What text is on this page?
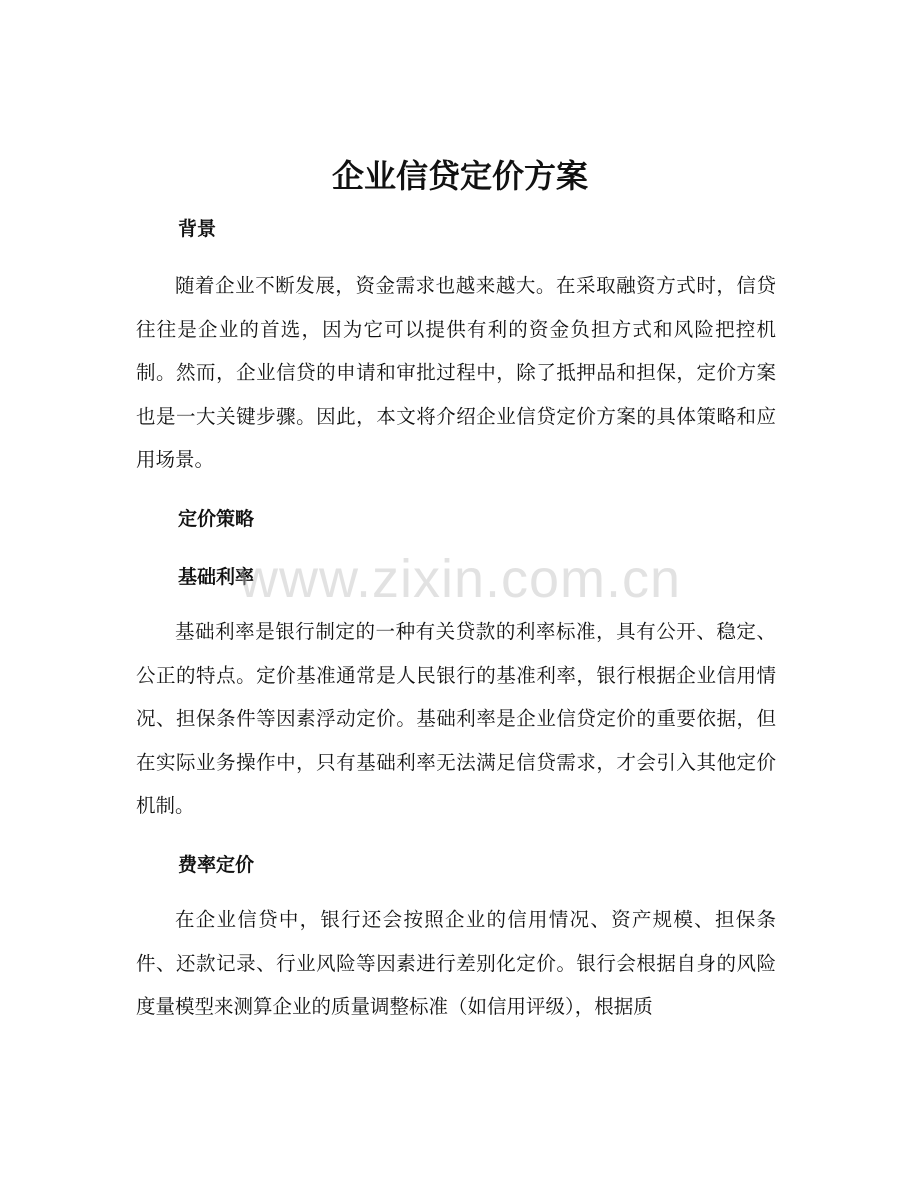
企业信贷定价方案
背景

随着企业不断发展，资金需求也越来越大。在采取融资方式时，信贷往往是企业的首选，因为它可以提供有利的资金负担方式和风险把控机制。然而，企业信贷的申请和审批过程中，除了抵押品和担保，定价方案也是一大关键步骤。因此，本文将介绍企业信贷定价方案的具体策略和应用场景。

定价策略
基础利率

基础利率是银行制定的一种有关贷款的利率标准，具有公开、稳定、公正的特点。定价基准通常是人民银行的基准利率，银行根据企业信用情况、担保条件等因素浮动定价。基础利率是企业信贷定价的重要依据，但在实际业务操作中，只有基础利率无法满足信贷需求，才会引入其他定价机制。

费率定价

在企业信贷中，银行还会按照企业的信用情况、资产规模、担保条件、还款记录、行业风险等因素进行差别化定价。银行会根据自身的风险度量模型来测算企业的质量调整标准（如信用评级），根据质

www.zixin.com.cn
